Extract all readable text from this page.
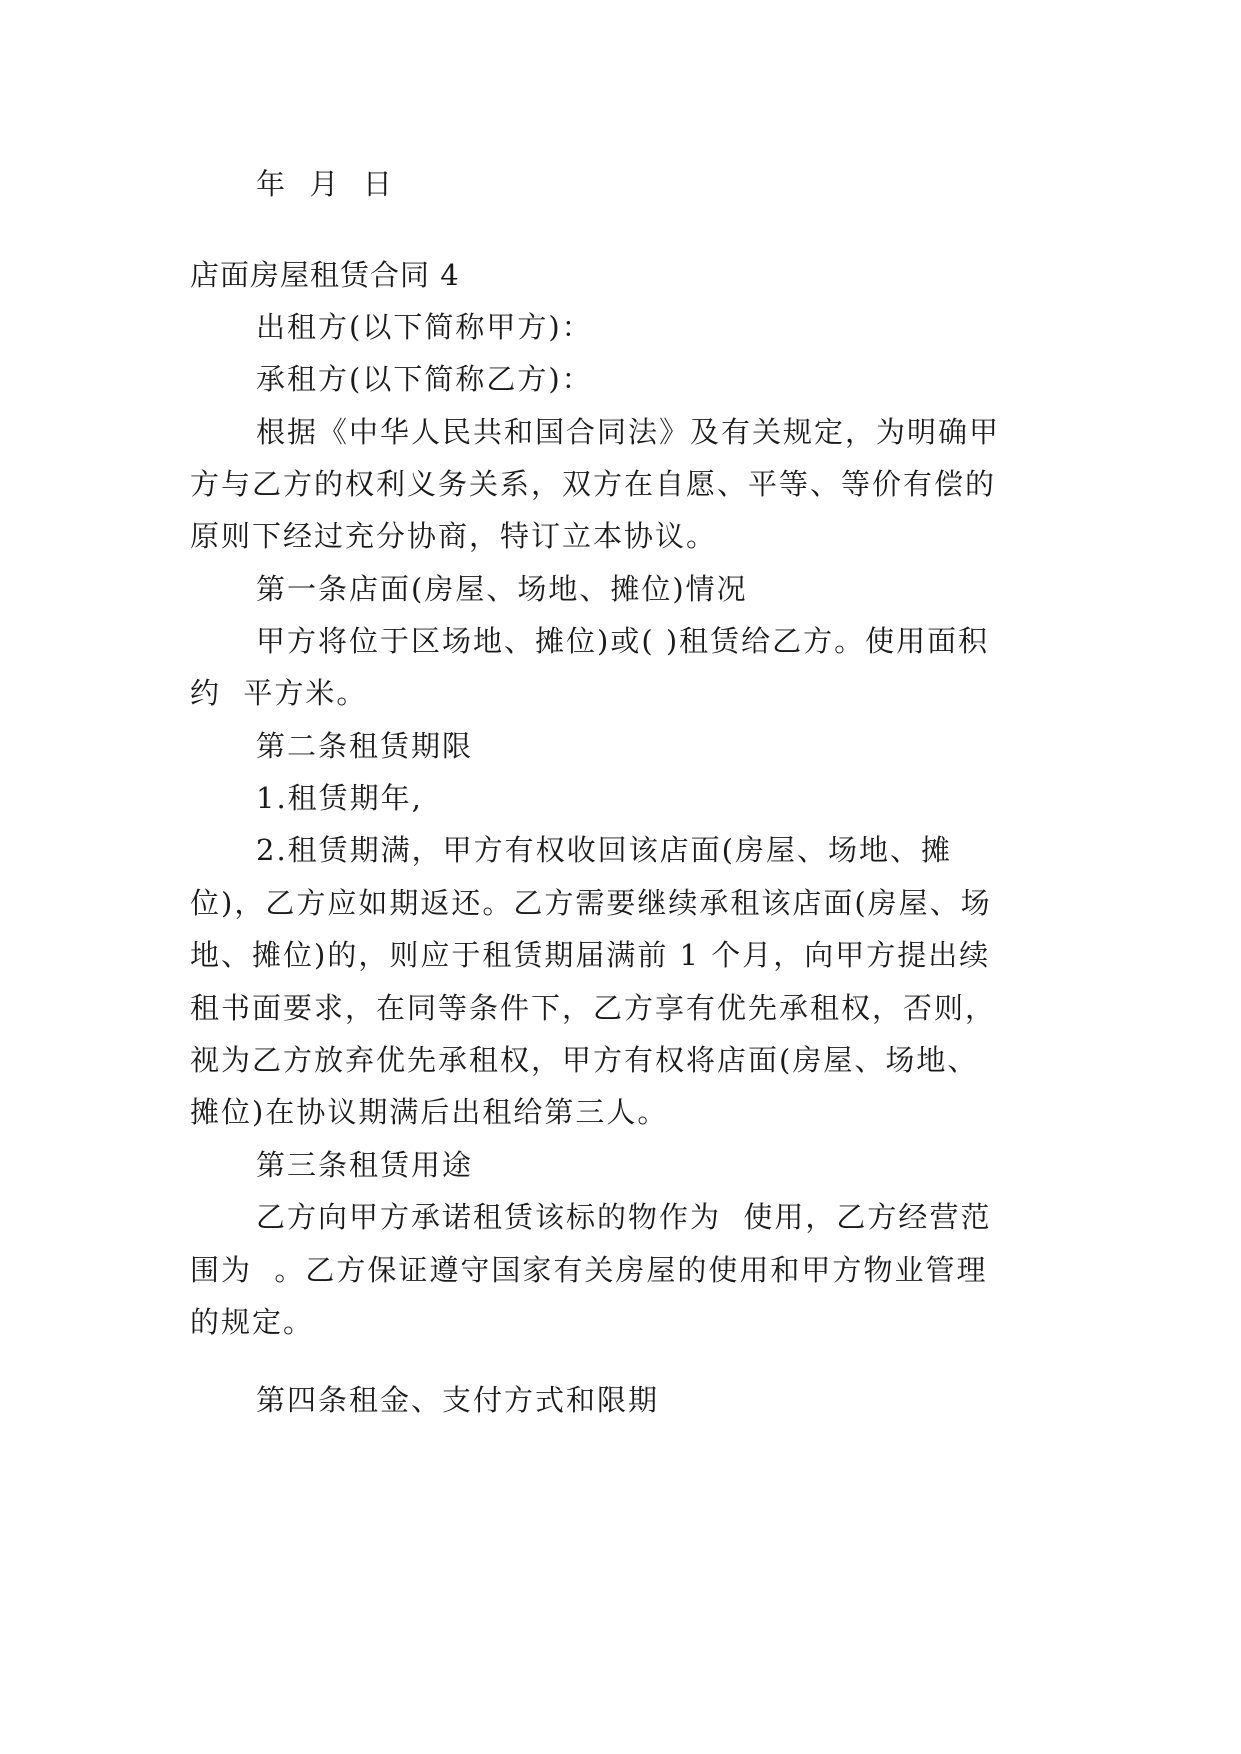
年  月  日
店面房屋租赁合同 4
出租方(以下简称甲方)：
承租方(以下简称乙方)：
根据《中华人民共和国合同法》及有关规定，为明确甲
方与乙方的权利义务关系，双方在自愿、平等、等价有偿的
原则下经过充分协商，特订立本协议。
第一条店面(房屋、场地、摊位)情况
甲方将位于区场地、摊位)或( )租赁给乙方。使用面积
约  平方米。
第二条租赁期限
1.租赁期年,
2.租赁期满，甲方有权收回该店面(房屋、场地、摊
位)，乙方应如期返还。乙方需要继续承租该店面(房屋、场
地、摊位)的，则应于租赁期届满前 1 个月，向甲方提出续
租书面要求，在同等条件下，乙方享有优先承租权，否则，
视为乙方放弃优先承租权，甲方有权将店面(房屋、场地、
摊位)在协议期满后出租给第三人。
第三条租赁用途
乙方向甲方承诺租赁该标的物作为  使用，乙方经营范
围为  。乙方保证遵守国家有关房屋的使用和甲方物业管理
的规定。
第四条租金、支付方式和限期
